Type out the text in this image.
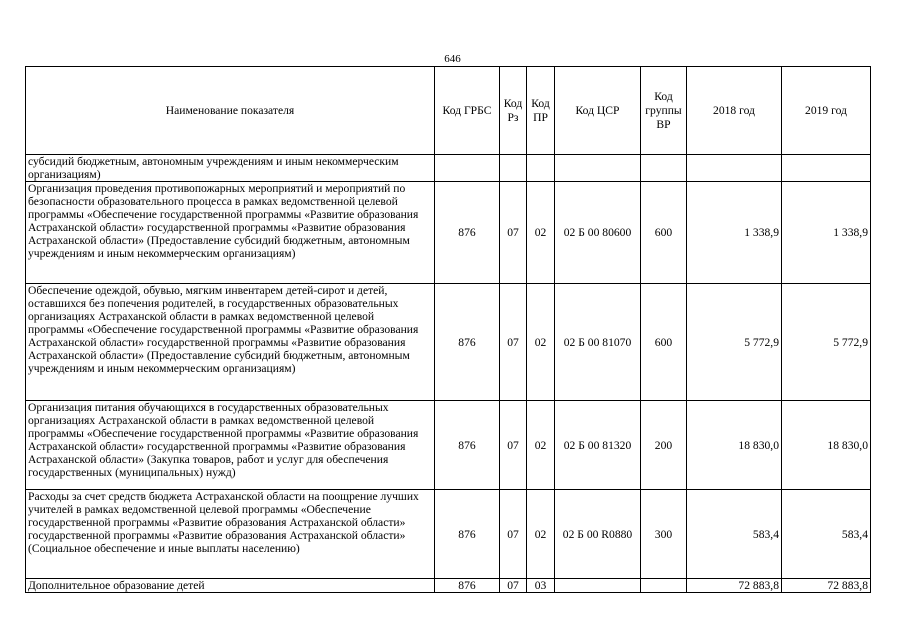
646
Наименование показателя	Код ГРБС	Код Рз	Код ПР	Код ЦСР	Код группы ВР	2018 год	2019 год
субсидий бюджетным, автономным учреждениям и иным некоммерческим организациям)							
Организация проведения противопожарных мероприятий и мероприятий по безопасности образовательного процесса в рамках ведомственной целевой программы «Обеспечение государственной программы «Развитие образования Астраханской области» государственной программы «Развитие образования Астраханской области» (Предоставление субсидий бюджетным, автономным учреждениям и иным некоммерческим организациям)	876	07	02	02 Б 00 80600	600	1 338,9	1 338,9
Обеспечение одеждой, обувью, мягким инвентарем детей-сирот и детей, оставшихся без попечения родителей, в государственных образовательных организациях Астраханской области в рамках ведомственной целевой программы «Обеспечение государственной программы «Развитие образования Астраханской области» государственной программы «Развитие образования Астраханской области» (Предоставление субсидий бюджетным, автономным учреждениям и иным некоммерческим организациям)	876	07	02	02 Б 00 81070	600	5 772,9	5 772,9
Организация питания обучающихся в государственных образовательных организациях Астраханской области в рамках ведомственной целевой программы «Обеспечение государственной программы «Развитие образования Астраханской области» государственной программы «Развитие образования Астраханской области» (Закупка товаров, работ и услуг для обеспечения государственных (муниципальных) нужд)	876	07	02	02 Б 00 81320	200	18 830,0	18 830,0
Расходы за счет средств бюджета Астраханской области на поощрение лучших учителей в рамках ведомственной целевой программы «Обеспечение государственной программы «Развитие образования Астраханской области» государственной программы «Развитие образования Астраханской области» (Социальное обеспечение и иные выплаты населению)	876	07	02	02 Б 00 R0880	300	583,4	583,4
Дополнительное образование детей	876	07	03			72 883,8	72 883,8
